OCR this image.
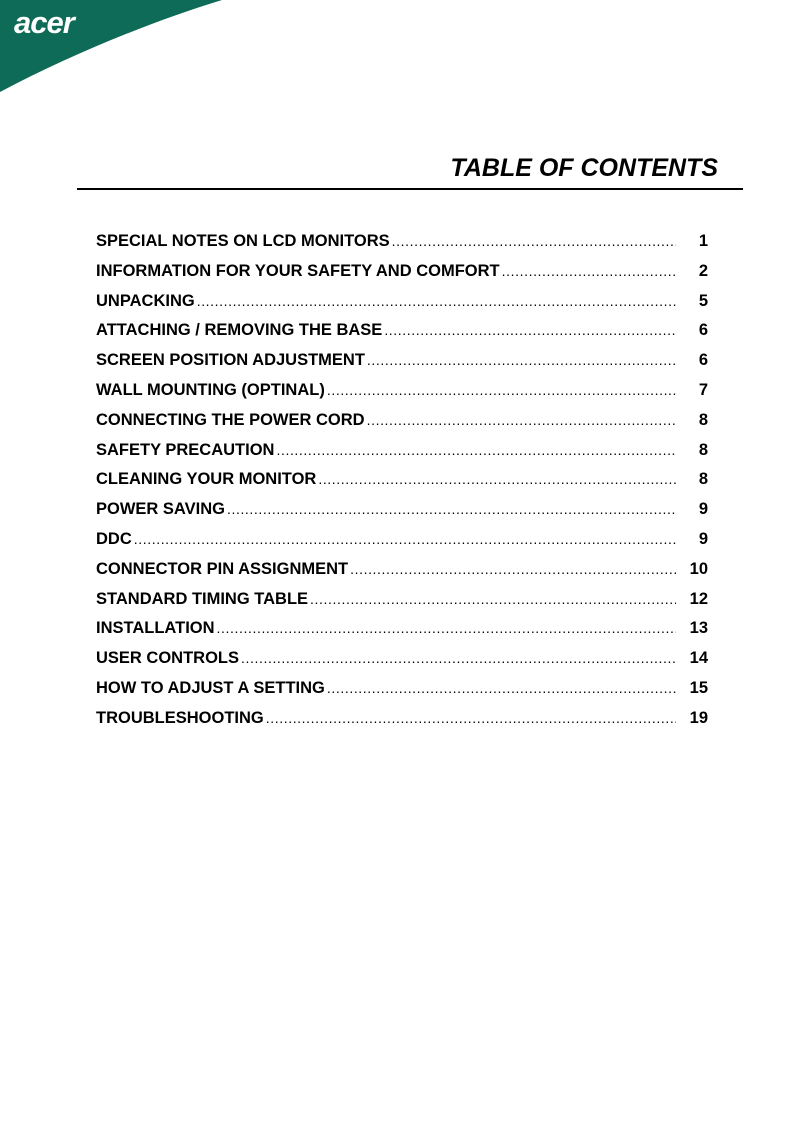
acer
TABLE OF CONTENTS
SPECIAL NOTES ON LCD MONITORS .....	1
INFORMATION FOR YOUR SAFETY AND COMFORT .....	2
UNPACKING .....	5
ATTACHING / REMOVING THE BASE .....	6
SCREEN POSITION ADJUSTMENT .....	6
WALL MOUNTING (OPTINAL) .....	7
CONNECTING THE POWER CORD .....	8
SAFETY PRECAUTION .....	8
CLEANING YOUR MONITOR .....	8
POWER SAVING .....	9
DDC .....	9
CONNECTOR PIN ASSIGNMENT .....	10
STANDARD TIMING TABLE .....	12
INSTALLATION .....	13
USER CONTROLS .....	14
HOW TO ADJUST A SETTING .....	15
TROUBLESHOOTING .....	19
